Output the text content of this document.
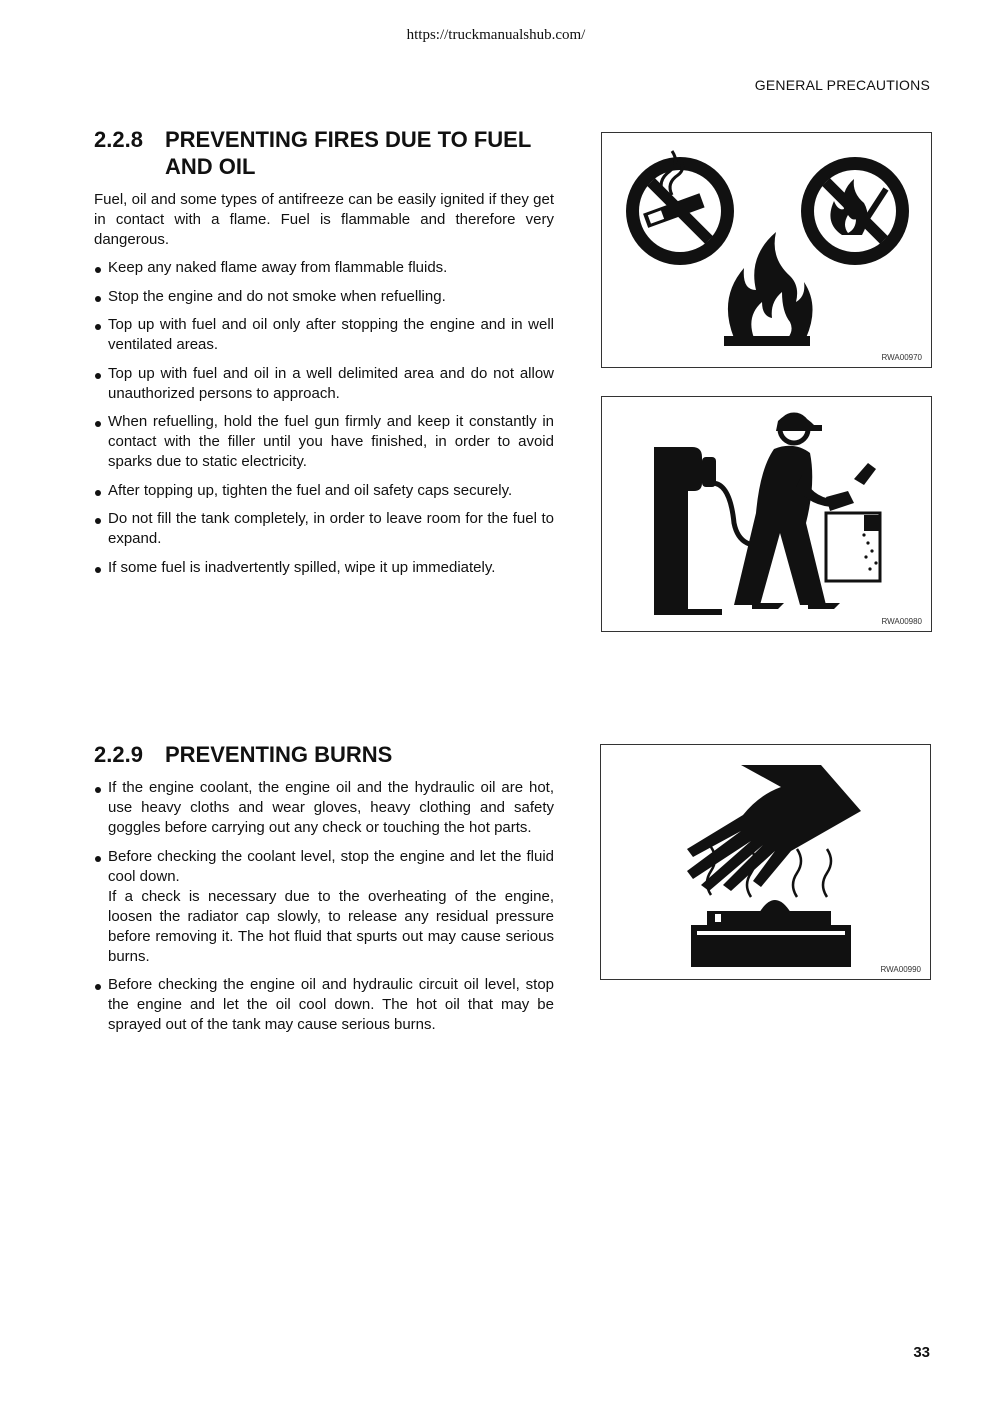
https://truckmanualshub.com/
GENERAL PRECAUTIONS
2.2.8	PREVENTING FIRES DUE TO FUEL AND OIL

Fuel, oil and some types of antifreeze can be easily ignited if they get in contact with a flame. Fuel is flammable and therefore very dangerous.

Keep any naked flame away from flammable fluids.
Stop the engine and do not smoke when refuelling.
Top up with fuel and oil only after stopping the engine and in well ventilated areas.
Top up with fuel and oil in a well delimited area and do not allow unauthorized persons to approach.
When refuelling, hold the fuel gun firmly and keep it constantly in contact with the filler until you have finished, in order to avoid sparks due to static electricity.
After topping up, tighten the fuel and oil safety caps securely.
Do not fill the tank completely, in order to leave room for the fuel to expand.
If some fuel is inadvertently spilled, wipe it up immediately.
RWA00970
RWA00980
2.2.9	PREVENTING BURNS
If the engine coolant, the engine oil and the hydraulic oil are hot, use heavy cloths and wear gloves, heavy clothing and safety goggles before carrying out any check or touching the hot parts.
Before checking the coolant level, stop the engine and let the fluid cool down.
If a check is necessary due to the overheating of the engine, loosen the radiator cap slowly, to release any residual pressure before removing it. The hot fluid that spurts out may cause serious burns.
Before checking the engine oil and hydraulic circuit oil level, stop the engine and let the oil cool down. The hot oil that may be sprayed out of the tank may cause serious burns.
RWA00990
33
